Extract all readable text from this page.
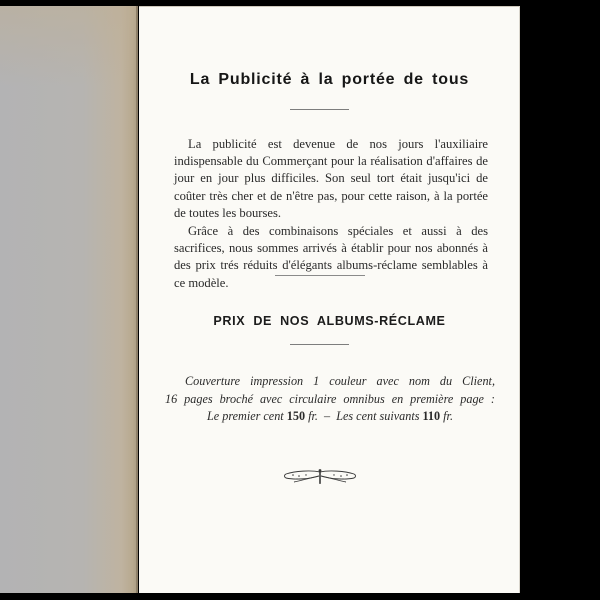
La Publicité à la portée de tous
La publicité est devenue de nos jours l'auxiliaire indispensable du Commerçant pour la réalisation d'affaires de jour en jour plus difficiles. Son seul tort était jusqu'ici de coûter très cher et de n'être pas, pour cette raison, à la portée de toutes les bourses.
Grâce à des combinaisons spéciales et aussi à des sacrifices, nous sommes arrivés à établir pour nos abonnés à des prix trés réduits d'élégants albums-réclame semblables à ce modèle.
PRIX DE NOS ALBUMS-RÉCLAME
Couverture impression 1 couleur avec nom du Client,
16 pages broché avec circulaire omnibus en première page :
Le premier cent 150 fr. – Les cent suivants 110 fr.
